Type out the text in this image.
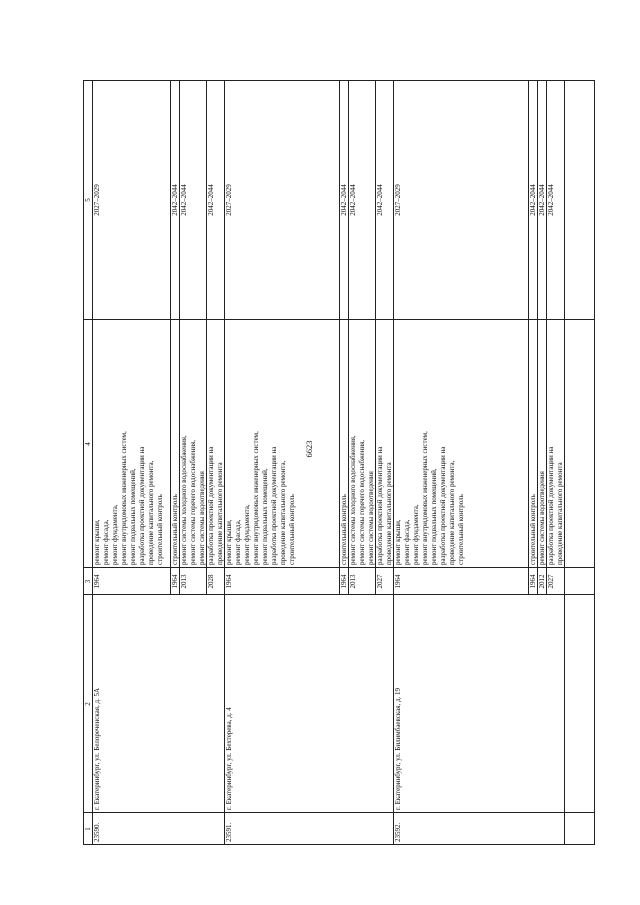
6623
1
2
3
4
5
23590.
г. Екатеринбург, ул. Белореченская, д. 5А
1964
ремонт крыши, ремонт фасада, ремонт фундамента, ремонт внутридомовых инженерных систем, ремонт подвальных помещений, разработка проектной документации на проведение капитального ремонта, строительный контроль
2027–2029
1964
строительный контроль
2042–2044
2013
ремонт системы холодного водоснабжения, ремонт системы горячего водоснабжения, ремонт системы водоотведения
2042–2044
2028
разработка проектной документации на проведение капитального ремонта
2042–2044
23591.
г. Екатеринбург, ул. Бехтерева, д. 4
1964
ремонт крыши, ремонт фасада, ремонт фундамента, ремонт внутридомовых инженерных систем, ремонт подвальных помещений, разработка проектной документации на проведение капитального ремонта, строительный контроль
2027–2029
1964
строительный контроль
2042–2044
2013
ремонт системы холодного водоснабжения, ремонт системы горячего водоснабжения, ремонт системы водоотведения
2042–2044
2027
разработка проектной документации на проведение капитального ремонта
2042–2044
23592.
г. Екатеринбург, ул. Билимбаевская, д. 19
1964
ремонт крыши, ремонт фасада, ремонт фундамента, ремонт внутридомовых инженерных систем, ремонт подвальных помещений, разработка проектной документации на проведение капитального ремонта, строительный контроль
2027–2029
1964
строительный контроль
2042–2044
2012
ремонт системы водоотведения
2042–2044
2027
разработка проектной документации на проведение капитального ремонта
2042–2044
